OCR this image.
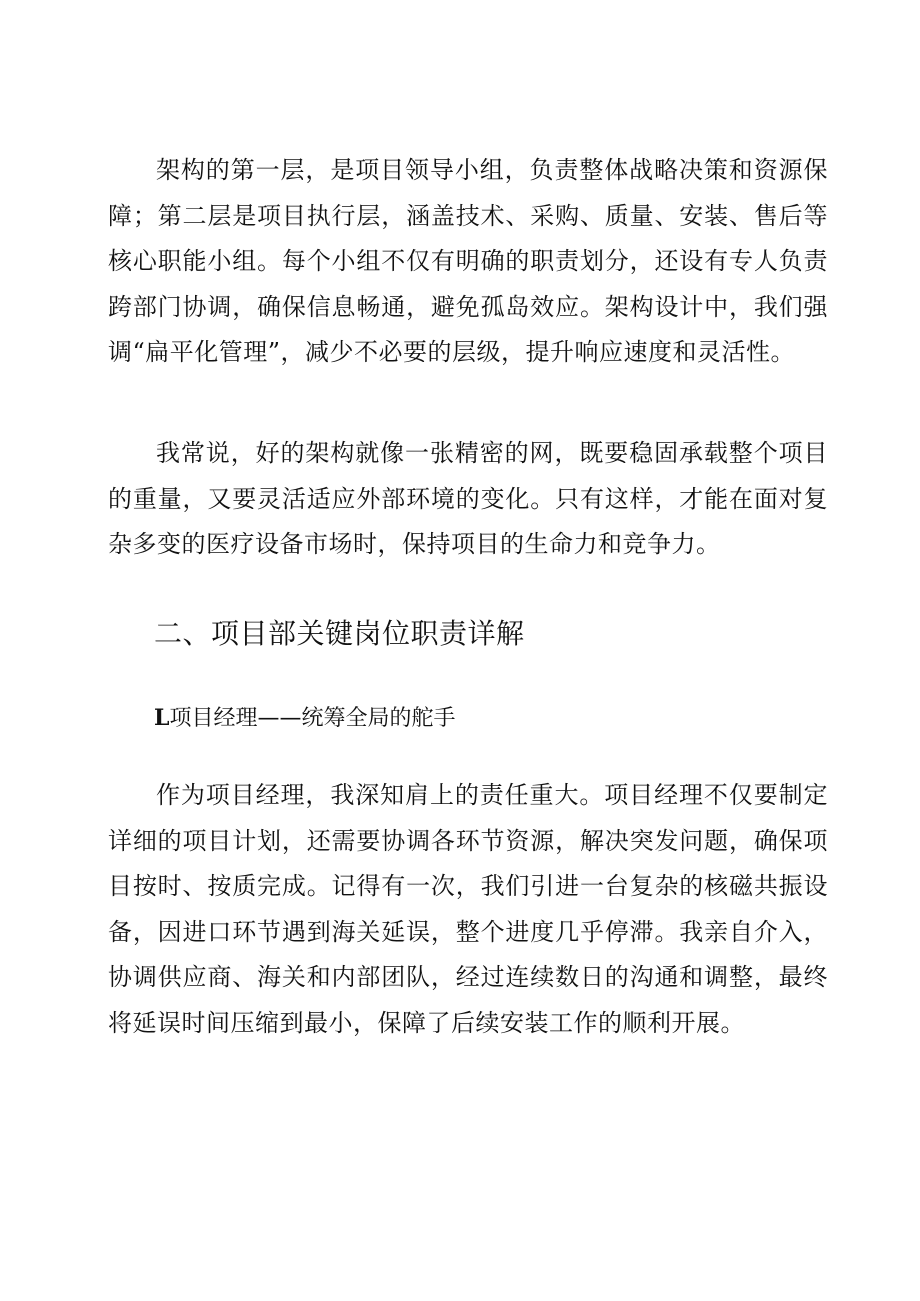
架构的第一层，是项目领导小组，负责整体战略决策和资源保障；第二层是项目执行层，涵盖技术、采购、质量、安装、售后等核心职能小组。每个小组不仅有明确的职责划分，还设有专人负责跨部门协调，确保信息畅通，避免孤岛效应。架构设计中，我们强调“扁平化管理”，减少不必要的层级，提升响应速度和灵活性。

我常说，好的架构就像一张精密的网，既要稳固承载整个项目的重量，又要灵活适应外部环境的变化。只有这样，才能在面对复杂多变的医疗设备市场时，保持项目的生命力和竞争力。

二、项目部关键岗位职责详解
L项目经理——统筹全局的舵手

作为项目经理，我深知肩上的责任重大。项目经理不仅要制定详细的项目计划，还需要协调各环节资源，解决突发问题，确保项目按时、按质完成。记得有一次，我们引进一台复杂的核磁共振设备，因进口环节遇到海关延误，整个进度几乎停滞。我亲自介入，协调供应商、海关和内部团队，经过连续数日的沟通和调整，最终将延误时间压缩到最小，保障了后续安装工作的顺利开展。
